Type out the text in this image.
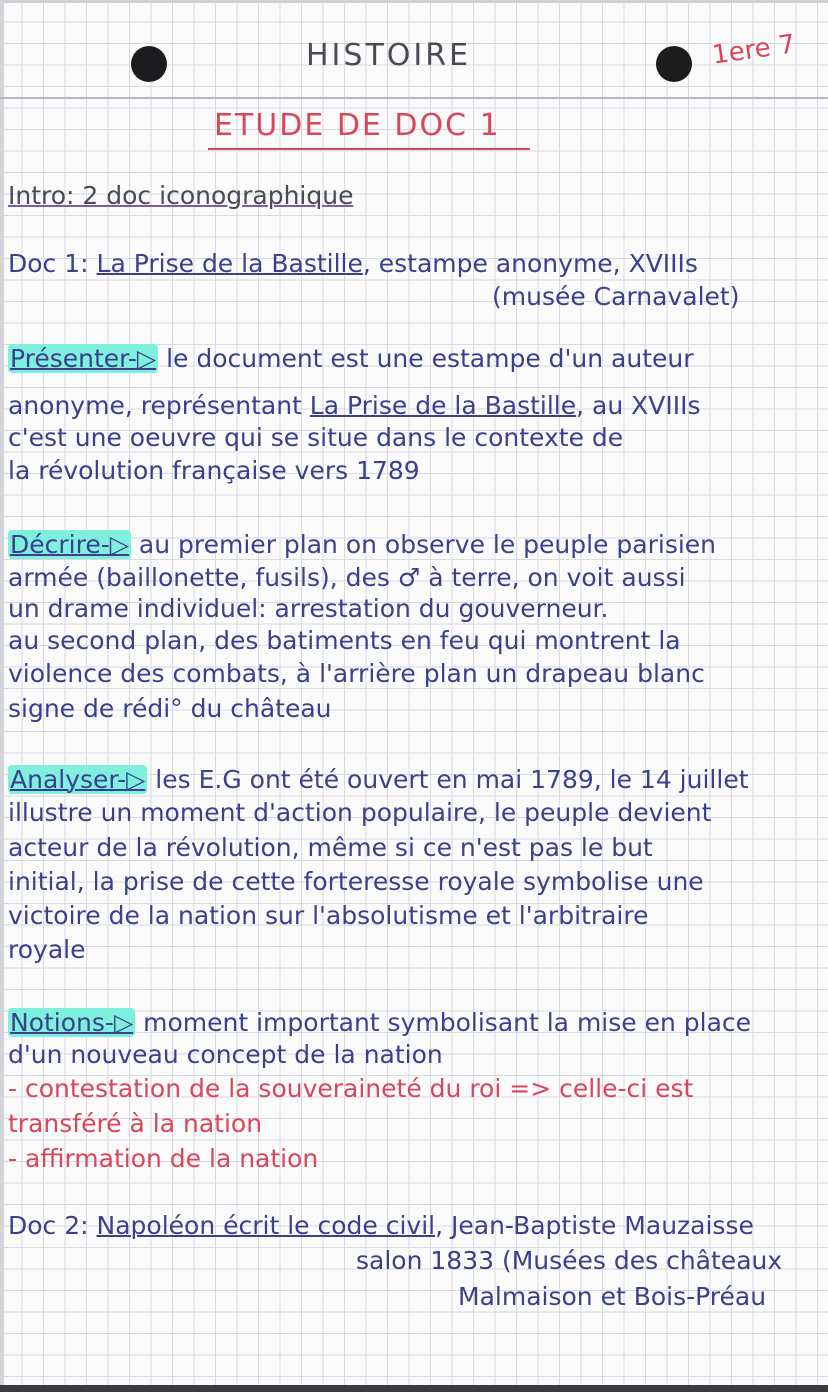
HISTOIRE	1ere 7
ETUDE DE DOC 1
Intro: 2 doc iconographique
Doc 1: La Prise de la Bastille, estampe anonyme, XVIIIs
(musée Carnavalet)
Présenter-▷ le document est une estampe d'un auteur
anonyme, représentant La Prise de la Bastille, au XVIIIs
c'est une oeuvre qui se situe dans le contexte de
la révolution française vers 1789
Décrire-▷ au premier plan on observe le peuple parisien
armée (baillonette, fusils), des ♂ à terre, on voit aussi
un drame individuel: arrestation du gouverneur.
au second plan, des batiments en feu qui montrent la
violence des combats, à l'arrière plan un drapeau blanc
signe de rédi° du château
Analyser-▷ les E.G ont été ouvert en mai 1789, le 14 juillet
illustre un moment d'action populaire, le peuple devient
acteur de la révolution, même si ce n'est pas le but
initial, la prise de cette forteresse royale symbolise une
victoire de la nation sur l'absolutisme et l'arbitraire
royale
Notions-▷ moment important symbolisant la mise en place
d'un nouveau concept de la nation
- contestation de la souveraineté du roi => celle-ci est
transféré à la nation
- affirmation de la nation
Doc 2: Napoléon écrit le code civil, Jean-Baptiste Mauzaisse
salon 1833 (Musées des châteaux
Malmaison et Bois-Préau
